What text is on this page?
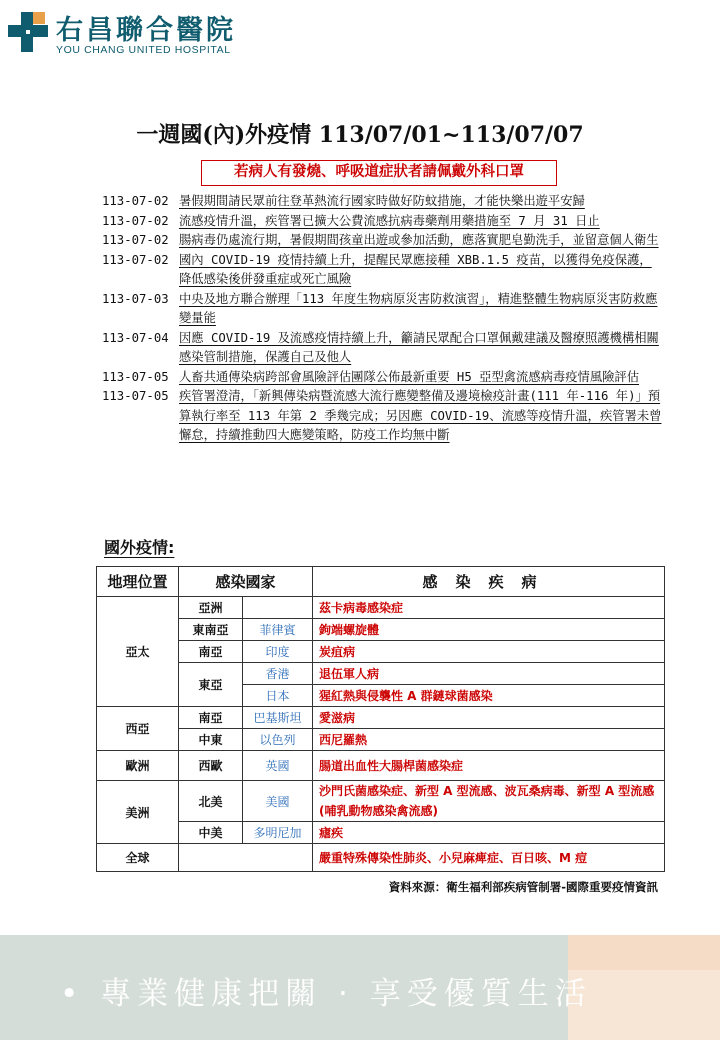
右昌聯合醫院
YOU CHANG UNITED HOSPITAL
一週國(內)外疫情 113/07/01~113/07/07
若病人有發燒、呼吸道症狀者請佩戴外科口罩
113-07-02 暑假期間請民眾前往登革熱流行國家時做好防蚊措施，才能快樂出遊平安歸
113-07-02 流感疫情升溫，疾管署已擴大公費流感抗病毒藥劑用藥措施至 7 月 31 日止
113-07-02 腸病毒仍處流行期，暑假期間孩童出遊或參加活動，應落實肥皂勤洗手，並留意個人衛生
113-07-02 國內 COVID-19 疫情持續上升，提醒民眾應接種 XBB.1.5 疫苗，以獲得免疫保護，降低感染後併發重症或死亡風險
113-07-03 中央及地方聯合辦理「113 年度生物病原災害防救演習」，精進整體生物病原災害防救應變量能
113-07-04 因應 COVID-19 及流感疫情持續上升，籲請民眾配合口罩佩戴建議及醫療照護機構相關感染管制措施，保護自己及他人
113-07-05 人畜共通傳染病跨部會風險評估團隊公佈最新重要 H5 亞型禽流感病毒疫情風險評估
113-07-05 疾管署澄清，「新興傳染病暨流感大流行應變整備及邊境檢疫計畫(111 年-116 年)」預算執行率至 113 年第 2 季幾完成；另因應 COVID-19、流感等疫情升溫，疾管署未曾懈怠，持續推動四大應變策略，防疫工作均無中斷
國外疫情:
地理位置	感染國家		感染疾病
亞太	亞洲		茲卡病毒感染症
	東南亞	菲律賓	鉤端螺旋體
	南亞	印度	炭疽病
	東亞	香港	退伍軍人病
		日本	猩紅熱與侵襲性 A 群鏈球菌感染
西亞	南亞	巴基斯坦	愛滋病
	中東	以色列	西尼羅熱
歐洲	西歐	英國	腸道出血性大腸桿菌感染症
美洲	北美	美國	沙門氏菌感染症、新型 A 型流感、波瓦桑病毒、新型 A 型流感(哺乳動物感染禽流感)
	中美	多明尼加	瘧疾
全球			嚴重特殊傳染性肺炎、小兒麻痺症、百日咳、M 痘
資料來源：衛生福利部疾病管制署-國際重要疫情資訊
• 專業健康把關 · 享受優質生活
